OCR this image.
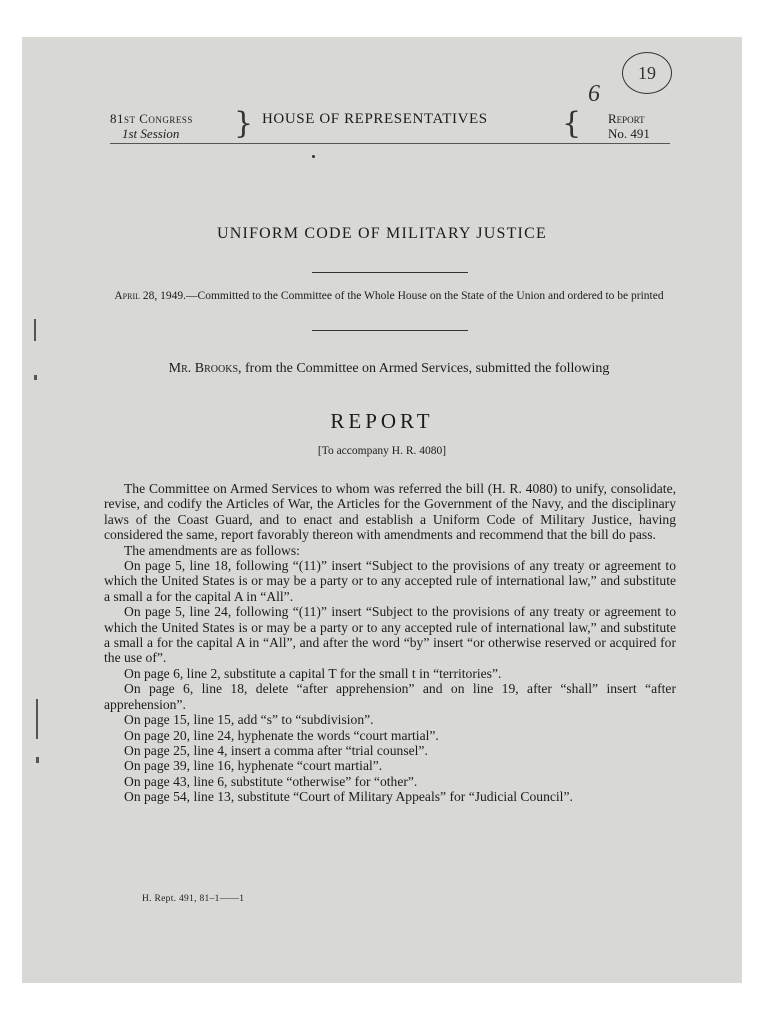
6
19
81st Congress
1st Session	} HOUSE OF REPRESENTATIVES { Report
No. 491
UNIFORM CODE OF MILITARY JUSTICE
April 28, 1949.—Committed to the Committee of the Whole House on the State of the Union and ordered to be printed
Mr. Brooks, from the Committee on Armed Services, submitted the following
REPORT
[To accompany H. R. 4080]

The Committee on Armed Services to whom was referred the bill (H. R. 4080) to unify, consolidate, revise, and codify the Articles of War, the Articles for the Government of the Navy, and the disciplinary laws of the Coast Guard, and to enact and establish a Uniform Code of Military Justice, having considered the same, report favorably thereon with amendments and recommend that the bill do pass.

The amendments are as follows:

On page 5, line 18, following “(11)” insert “Subject to the provisions of any treaty or agreement to which the United States is or may be a party or to any accepted rule of international law,” and substitute a small a for the capital A in “All”.

On page 5, line 24, following “(11)” insert “Subject to the provisions of any treaty or agreement to which the United States is or may be a party or to any accepted rule of international law,” and substitute a small a for the capital A in “All”, and after the word “by” insert “or otherwise reserved or acquired for the use of”.

On page 6, line 2, substitute a capital T for the small t in “territories”.

On page 6, line 18, delete “after apprehension” and on line 19, after “shall” insert “after apprehension”.

On page 15, line 15, add “s” to “subdivision”.

On page 20, line 24, hyphenate the words “court martial”.

On page 25, line 4, insert a comma after “trial counsel”.

On page 39, line 16, hyphenate “court martial”.

On page 43, line 6, substitute “otherwise” for “other”.

On page 54, line 13, substitute “Court of Military Appeals” for “Judicial Council”.

H. Rept. 491, 81–1——1
